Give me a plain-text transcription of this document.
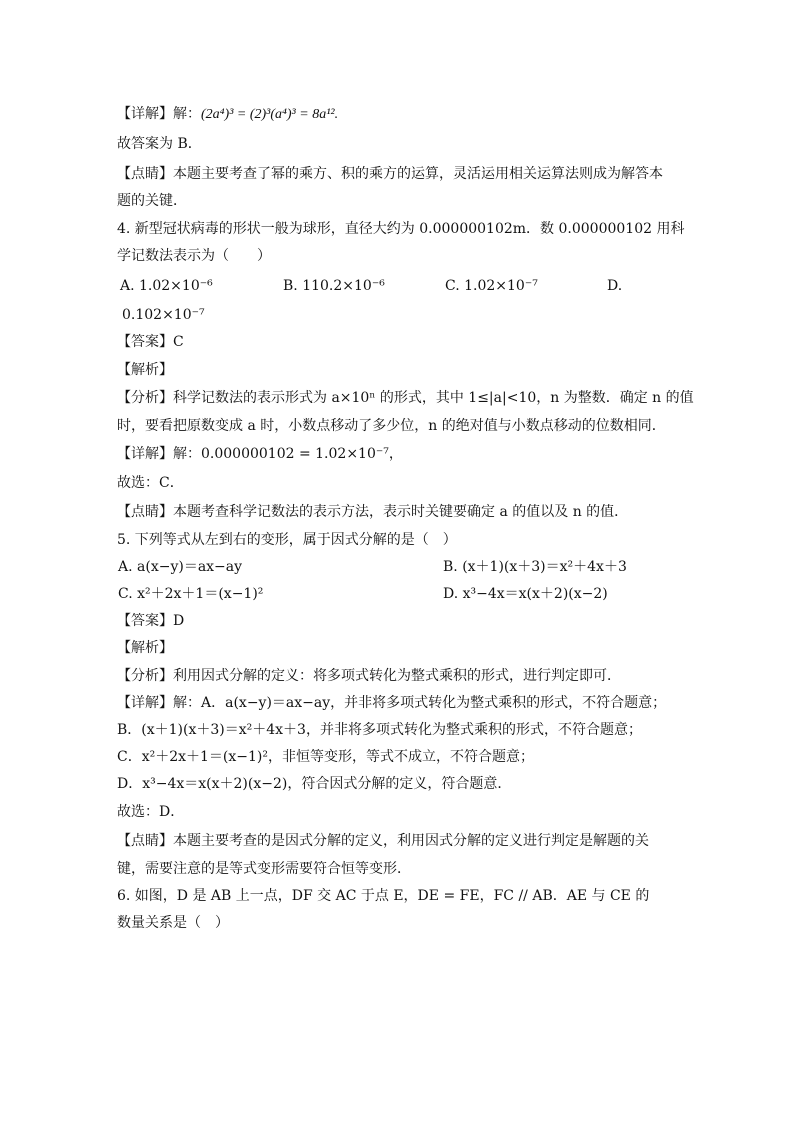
【详解】解：(2a⁴)³ = (2)³(a⁴)³ = 8a¹².
故答案为 B．
【点睛】本题主要考查了幂的乘方、积的乘方的运算，灵活运用相关运算法则成为解答本
题的关键．
4. 新型冠状病毒的形状一般为球形，直径大约为 0.000000102m．数 0.000000102 用科
学记数法表示为（　　）
A. 1.02×10⁻⁶	B. 110.2×10⁻⁶	C. 1.02×10⁻⁷	D.
0.102×10⁻⁷
【答案】C
【解析】
【分析】科学记数法的表示形式为 a×10ⁿ 的形式，其中 1≤|a|<10，n 为整数．确定 n 的值
时，要看把原数变成 a 时，小数点移动了多少位，n 的绝对值与小数点移动的位数相同．
【详解】解：0.000000102 = 1.02×10⁻⁷，
故选：C．
【点睛】本题考查科学记数法的表示方法，表示时关键要确定 a 的值以及 n 的值．
5. 下列等式从左到右的变形，属于因式分解的是（　）
A. a(x−y)＝ax−ay	B. (x＋1)(x＋3)＝x²＋4x＋3
C. x²＋2x＋1＝(x−1)²	D. x³−4x＝x(x＋2)(x−2)
【答案】D
【解析】
【分析】利用因式分解的定义：将多项式转化为整式乘积的形式，进行判定即可．
【详解】解：A．a(x−y)＝ax−ay，并非将多项式转化为整式乘积的形式，不符合题意；
B．(x＋1)(x＋3)＝x²＋4x＋3，并非将多项式转化为整式乘积的形式，不符合题意；
C．x²＋2x＋1＝(x−1)²，非恒等变形，等式不成立，不符合题意；
D．x³−4x＝x(x＋2)(x−2)，符合因式分解的定义，符合题意．
故选：D．
【点睛】本题主要考查的是因式分解的定义，利用因式分解的定义进行判定是解题的关
键，需要注意的是等式变形需要符合恒等变形．
6. 如图，D 是 AB 上一点，DF 交 AC 于点 E，DE = FE，FC // AB．AE 与 CE 的
数量关系是（　）
